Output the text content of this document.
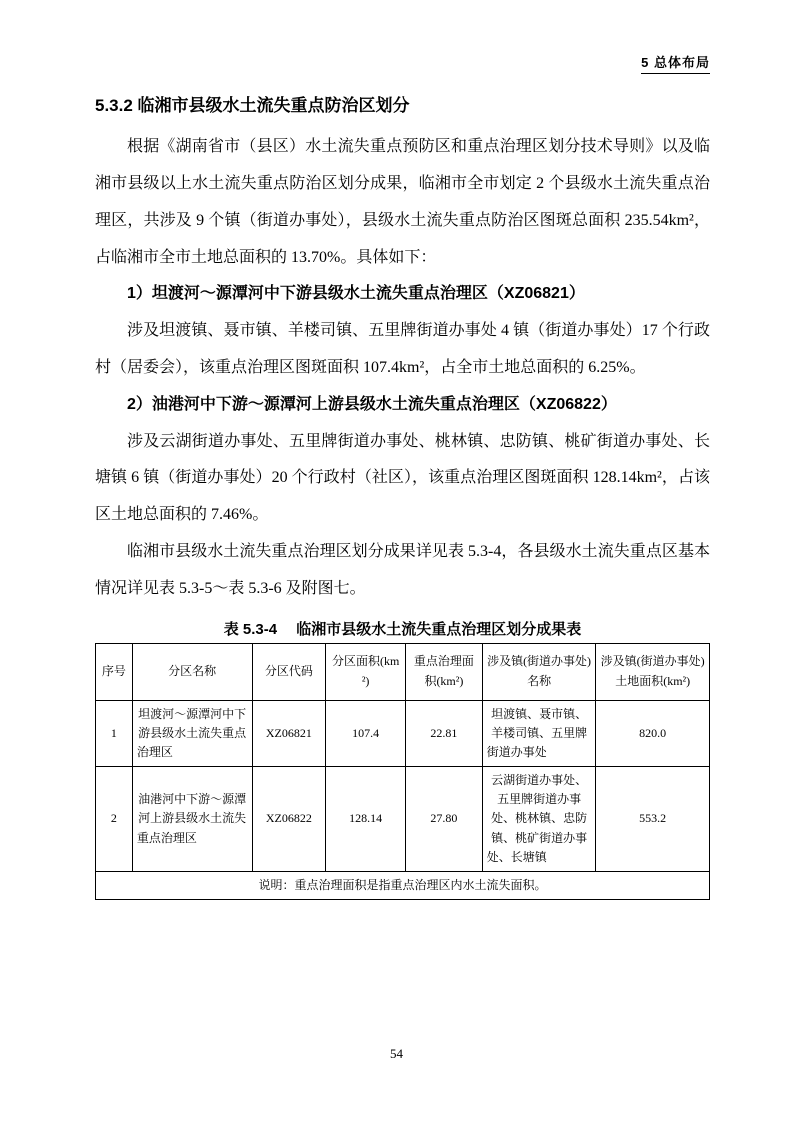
5 总体布局
5.3.2 临湘市县级水土流失重点防治区划分

根据《湖南省市（县区）水土流失重点预防区和重点治理区划分技术导则》以及临湘市县级以上水土流失重点防治区划分成果，临湘市全市划定 2 个县级水土流失重点治理区，共涉及 9 个镇（街道办事处），县级水土流失重点防治区图斑总面积 235.54km²，占临湘市全市土地总面积的 13.70%。具体如下：

1）坦渡河～源潭河中下游县级水土流失重点治理区（XZ06821）

涉及坦渡镇、聂市镇、羊楼司镇、五里牌街道办事处 4 镇（街道办事处）17 个行政村（居委会），该重点治理区图斑面积 107.4km²，占全市土地总面积的 6.25%。

2）油港河中下游～源潭河上游县级水土流失重点治理区（XZ06822）

涉及云湖街道办事处、五里牌街道办事处、桃林镇、忠防镇、桃矿街道办事处、长塘镇 6 镇（街道办事处）20 个行政村（社区），该重点治理区图斑面积 128.14km²，占该区土地总面积的 7.46%。

临湘市县级水土流失重点治理区划分成果详见表 5.3-4，各县级水土流失重点区基本情况详见表 5.3-5～表 5.3-6 及附图七。

表 5.3-4　 临湘市县级水土流失重点治理区划分成果表
序号	分区名称	分区代码	分区面积(km²)	重点治理面积(km²)	涉及镇(街道办事处)名称	涉及镇(街道办事处)土地面积(km²)
1	坦渡河～源潭河中下游县级水土流失重点治理区	XZ06821	107.4	22.81	坦渡镇、聂市镇、羊楼司镇、五里牌街道办事处	820.0
2	油港河中下游～源潭河上游县级水土流失重点治理区	XZ06822	128.14	27.80	云湖街道办事处、五里牌街道办事处、桃林镇、忠防镇、桃矿街道办事处、长塘镇	553.2
说明：重点治理面积是指重点治理区内水土流失面积。						
54
